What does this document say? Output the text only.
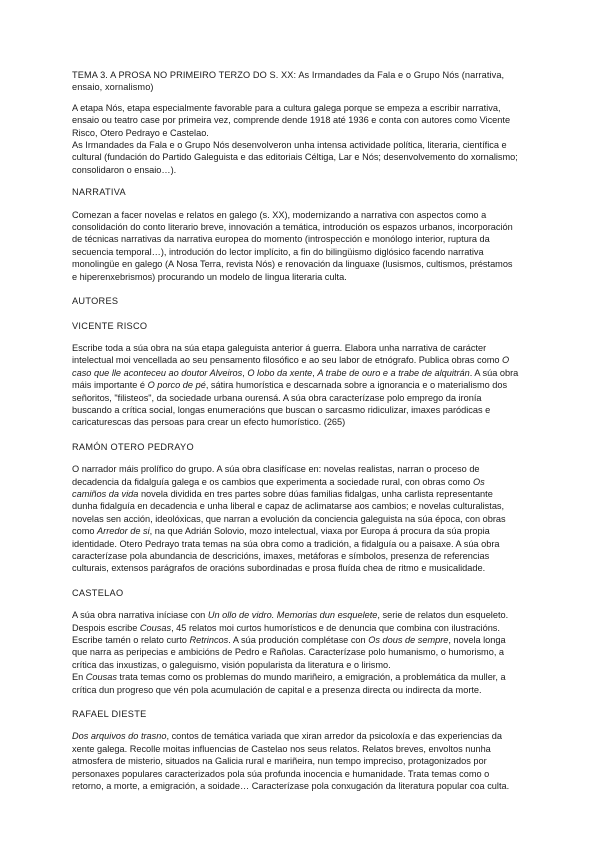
TEMA 3. A PROSA NO PRIMEIRO TERZO DO S. XX: As Irmandades da Fala e o Grupo Nós (narrativa, ensaio, xornalismo)

A etapa Nós, etapa especialmente favorable para a cultura galega porque se empeza a escribir narrativa, ensaio ou teatro case por primeira vez, comprende dende 1918 até 1936 e conta con autores como Vicente Risco, Otero Pedrayo e Castelao.

As Irmandades da Fala e o Grupo Nós desenvolveron unha intensa actividade política, literaria, científica e cultural (fundación do Partido Galeguista e das editoriais Céltiga, Lar e Nós; desenvolvemento do xornalismo; consolidaron o ensaio…).

NARRATIVA

Comezan a facer novelas e relatos en galego (s. XX), modernizando a narrativa con aspectos como a consolidación do conto literario breve, innovación a temática, introdución os espazos urbanos, incorporación de técnicas narrativas da narrativa europea do momento (introspección e monólogo interior, ruptura da secuencia temporal…), introdución do lector implícito, a fin do bilingüismo diglósico facendo narrativa monolingüe en galego (A Nosa Terra, revista Nós) e renovación da linguaxe (lusismos, cultismos, préstamos e hiperenxebrismos) procurando un modelo de lingua literaria culta.

AUTORES

VICENTE RISCO

Escribe toda a súa obra na súa etapa galeguista anterior á guerra. Elabora unha narrativa de carácter intelectual moi vencellada ao seu pensamento filosófico e ao seu labor de etnógrafo. Publica obras como O caso que lle aconteceu ao doutor Alveiros, O lobo da xente, A trabe de ouro e a trabe de alquitrán. A súa obra máis importante é O porco de pé, sátira humorística e descarnada sobre a ignorancia e o materialismo dos señoritos, "filisteos", da sociedade urbana ourensá. A súa obra caracterízase polo emprego da ironía buscando a crítica social, longas enumeracións que buscan o sarcasmo ridiculizar, imaxes paródicas e caricaturescas das persoas para crear un efecto humorístico. (265)

RAMÓN OTERO PEDRAYO

O narrador máis prolífico do grupo. A súa obra clasifícase en: novelas realistas, narran o proceso de decadencia da fidalguía galega e os cambios que experimenta a sociedade rural, con obras como Os camiños da vida novela dividida en tres partes sobre dúas familias fidalgas, unha carlista representante dunha fidalguía en decadencia e unha liberal e capaz de aclimatarse aos cambios; e novelas culturalistas, novelas sen acción, ideolóxicas, que narran a evolución da conciencia galeguista na súa época, con obras como Arredor de si, na que Adrián Solovio, mozo intelectual, viaxa por Europa á procura da súa propia identidade. Otero Pedrayo trata temas na súa obra como a tradición, a fidalguía ou a paisaxe. A súa obra caracterízase pola abundancia de descricións, imaxes, metáforas e símbolos, presenza de referencias culturais, extensos parágrafos de oracións subordinadas e prosa fluída chea de ritmo e musicalidade.

CASTELAO

A súa obra narrativa iníciase con Un ollo de vidro. Memorias dun esquelete, serie de relatos dun esqueleto. Despois escribe Cousas, 45 relatos moi curtos humorísticos e de denuncia que combina con ilustracións. Escribe tamén o relato curto Retrincos. A súa produción complétase con Os dous de sempre, novela longa que narra as peripecias e ambicións de Pedro e Rañolas. Caracterízase polo humanismo, o humorismo, a crítica das inxustizas, o galeguismo, visión popularista da literatura e o lirismo.

En Cousas trata temas como os problemas do mundo mariñeiro, a emigración, a problemática da muller, a crítica dun progreso que vén pola acumulación de capital e a presenza directa ou indirecta da morte.

RAFAEL DIESTE

Dos arquivos do trasno, contos de temática variada que xiran arredor da psicoloxía e das experiencias da xente galega. Recolle moitas influencias de Castelao nos seus relatos. Relatos breves, envoltos nunha atmosfera de misterio, situados na Galicia rural e mariñeira, nun tempo impreciso, protagonizados por personaxes populares caracterizados pola súa profunda inocencia e humanidade. Trata temas como o retorno, a morte, a emigración, a soidade… Caracterízase pola conxugación da literatura popular coa culta.
